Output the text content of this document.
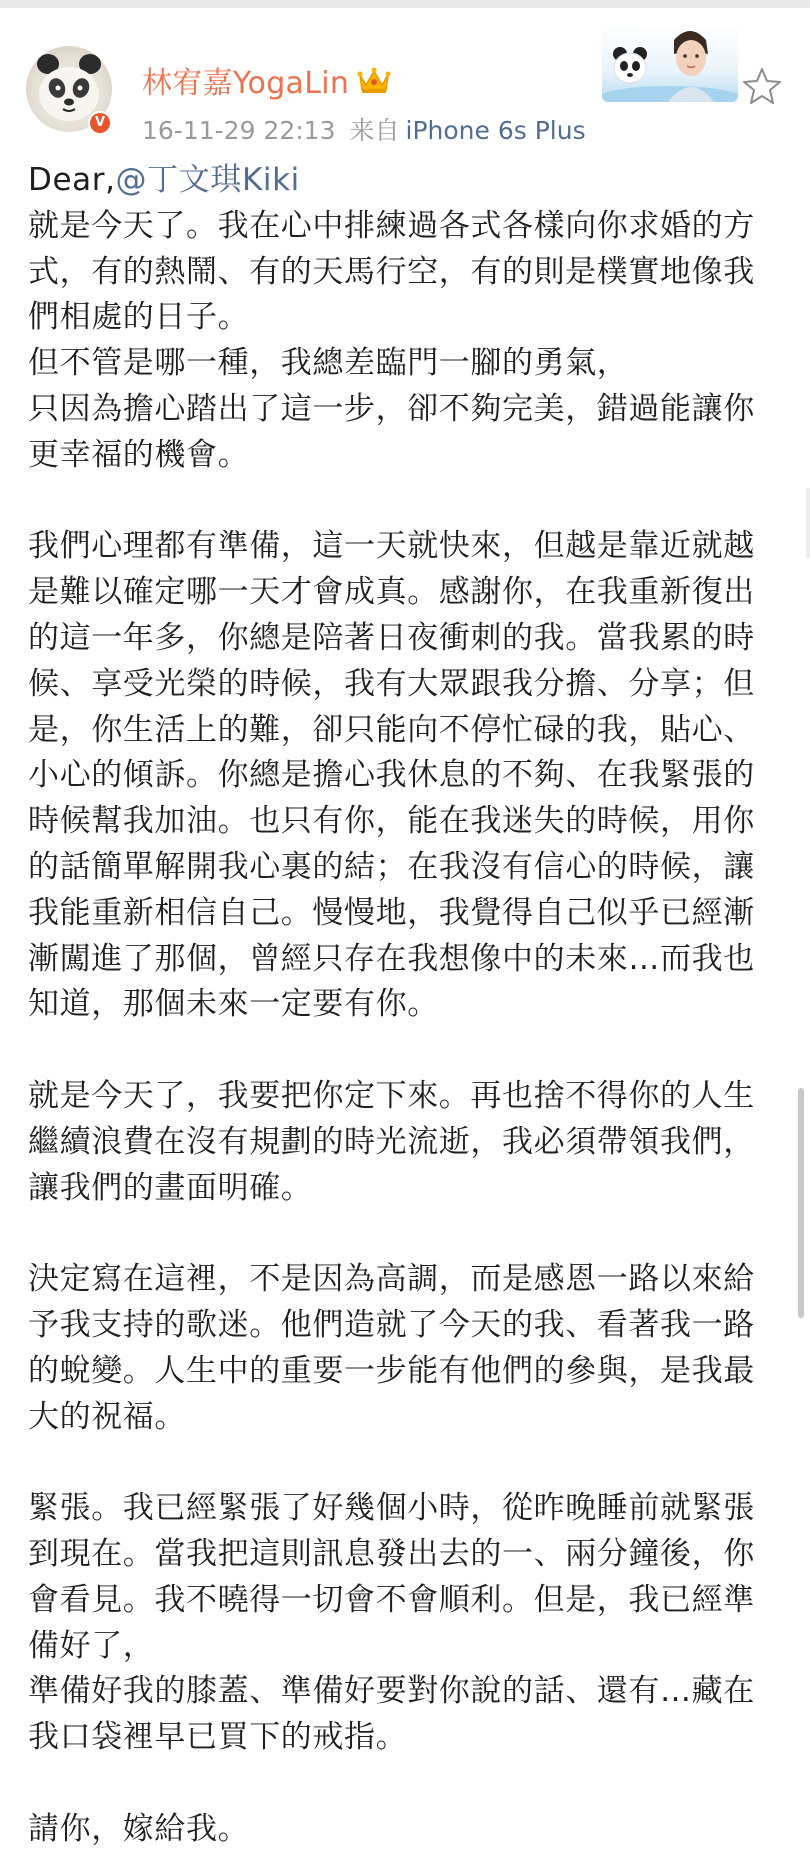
V
林宥嘉YogaLin
16-11-29 22:13 来自 iPhone 6s Plus
Dear,@丁文琪Kiki

就是今天了。我在心中排練過各式各樣向你求婚的方式，有的熱鬧、有的天馬行空，有的則是樸實地像我們相處的日子。
但不管是哪一種，我總差臨門一腳的勇氣，
只因為擔心踏出了這一步，卻不夠完美，錯過能讓你更幸福的機會。
我們心理都有準備，這一天就快來，但越是靠近就越是難以確定哪一天才會成真。感謝你，在我重新復出的這一年多，你總是陪著日夜衝刺的我。當我累的時候、享受光榮的時候，我有大眾跟我分擔、分享；但是，你生活上的難，卻只能向不停忙碌的我，貼心、小心的傾訴。你總是擔心我休息的不夠、在我緊張的時候幫我加油。也只有你，能在我迷失的時候，用你的話簡單解開我心裏的結；在我沒有信心的時候，讓我能重新相信自己。慢慢地，我覺得自己似乎已經漸漸闖進了那個，曾經只存在我想像中的未來…而我也知道，那個未來一定要有你。
就是今天了，我要把你定下來。再也捨不得你的人生繼續浪費在沒有規劃的時光流逝，我必須帶領我們，讓我們的畫面明確。
決定寫在這裡，不是因為高調，而是感恩一路以來給予我支持的歌迷。他們造就了今天的我、看著我一路的蛻變。人生中的重要一步能有他們的參與，是我最大的祝福。
緊張。我已經緊張了好幾個小時，從昨晚睡前就緊張到現在。當我把這則訊息發出去的一、兩分鐘後，你會看見。我不曉得一切會不會順利。但是，我已經準備好了，
準備好我的膝蓋、準備好要對你說的話、還有…藏在我口袋裡早已買下的戒指。
請你，嫁給我。
